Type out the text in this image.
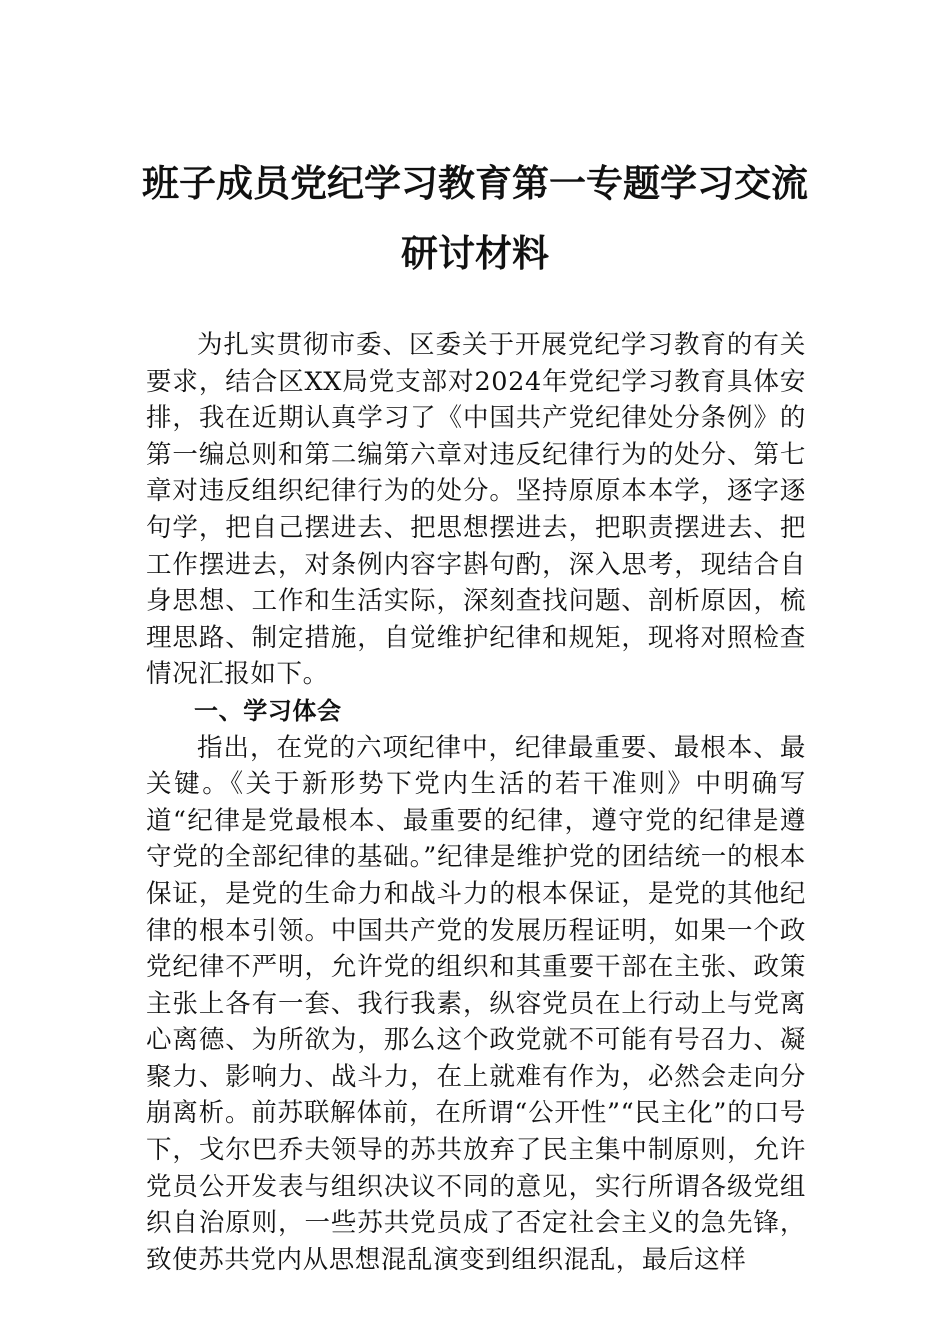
班子成员党纪学习教育第一专题学习交流
研讨材料

为扎实贯彻市委、区委关于开展党纪学习教育的有关要求，结合区XX局党支部对2024年党纪学习教育具体安排，我在近期认真学习了《中国共产党纪律处分条例》的第一编总则和第二编第六章对违反纪律行为的处分、第七章对违反组织纪律行为的处分。坚持原原本本学，逐字逐句学，把自己摆进去、把思想摆进去，把职责摆进去、把工作摆进去，对条例内容字斟句酌，深入思考，现结合自身思想、工作和生活实际，深刻查找问题、剖析原因，梳理思路、制定措施，自觉维护纪律和规矩，现将对照检查情况汇报如下。

一、学习体会

指出，在党的六项纪律中，纪律最重要、最根本、最关键。《关于新形势下党内生活的若干准则》中明确写道“纪律是党最根本、最重要的纪律，遵守党的纪律是遵守党的全部纪律的基础。”纪律是维护党的团结统一的根本保证，是党的生命力和战斗力的根本保证，是党的其他纪律的根本引领。中国共产党的发展历程证明，如果一个政党纪律不严明，允许党的组织和其重要干部在主张、政策主张上各有一套、我行我素，纵容党员在上行动上与党离心离德、为所欲为，那么这个政党就不可能有号召力、凝聚力、影响力、战斗力，在上就难有作为，必然会走向分崩离析。前苏联解体前，在所谓“公开性”“民主化”的口号下，戈尔巴乔夫领导的苏共放弃了民主集中制原则，允许党员公开发表与组织决议不同的意见，实行所谓各级党组织自治原则，一些苏共党员成了否定社会主义的急先锋，致使苏共党内从思想混乱演变到组织混乱，最后这样
